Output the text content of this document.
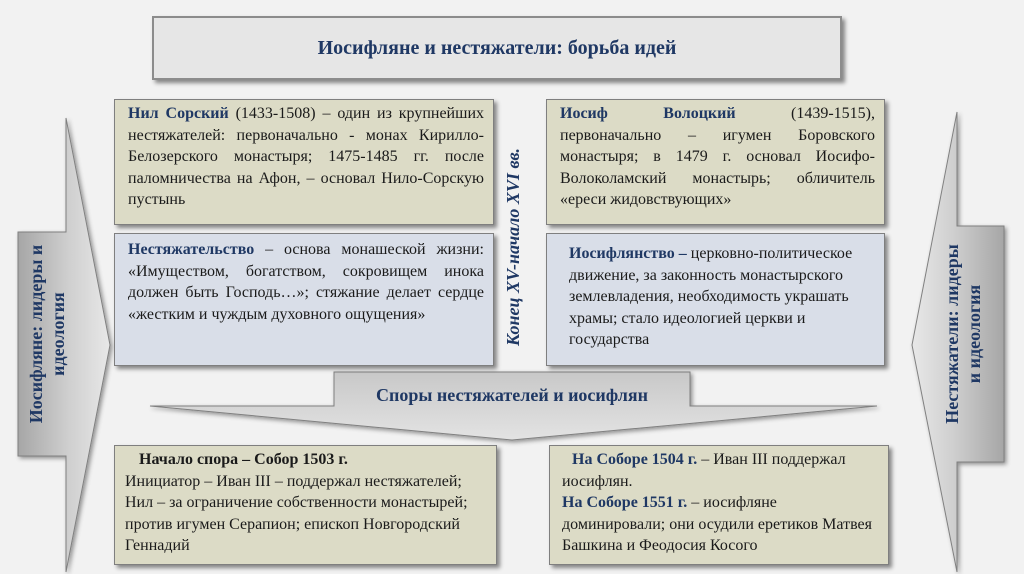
Иосифляне и нестяжатели: борьба идей
Иосифляне: лидеры и идеология	Нестяжатели: лидеры и идеология
Конец XV-начало XVI вв.
Нил Сорский (1433-1508) – один из крупнейших нестяжателей: первоначально - монах Кирилло-Белозерского монастыря; 1475-1485 гг. после паломничества на Афон, – основал Нило-Сорскую пустынь
Иосиф Волоцкий (1439-1515), первоначально – игумен Боровского монастыря; в 1479 г. основал Иосифо-Волоколамский монастырь; обличитель «ереси жидовствующих»
Нестяжательство – основа монашеской жизни: «Имуществом, богатством, сокровищем инока должен быть Господь…»; стяжание делает сердце «жестким и чуждым духовного ощущения»
Иосифлянство – церковно-политическое движение, за законность монастырского землевладения, необходимость украшать храмы; стало идеологией церкви и государства
Споры нестяжателей и иосифлян
Начало спора – Собор 1503 г.
Инициатор – Иван III – поддержал нестяжателей; Нил – за ограничение собственности монастырей; против игумен Серапион; епископ Новгородский Геннадий
На Соборе 1504 г. – Иван III поддержал иосифлян.
На Соборе 1551 г. – иосифляне доминировали; они осудили еретиков Матвея Башкина и Феодосия Косого
